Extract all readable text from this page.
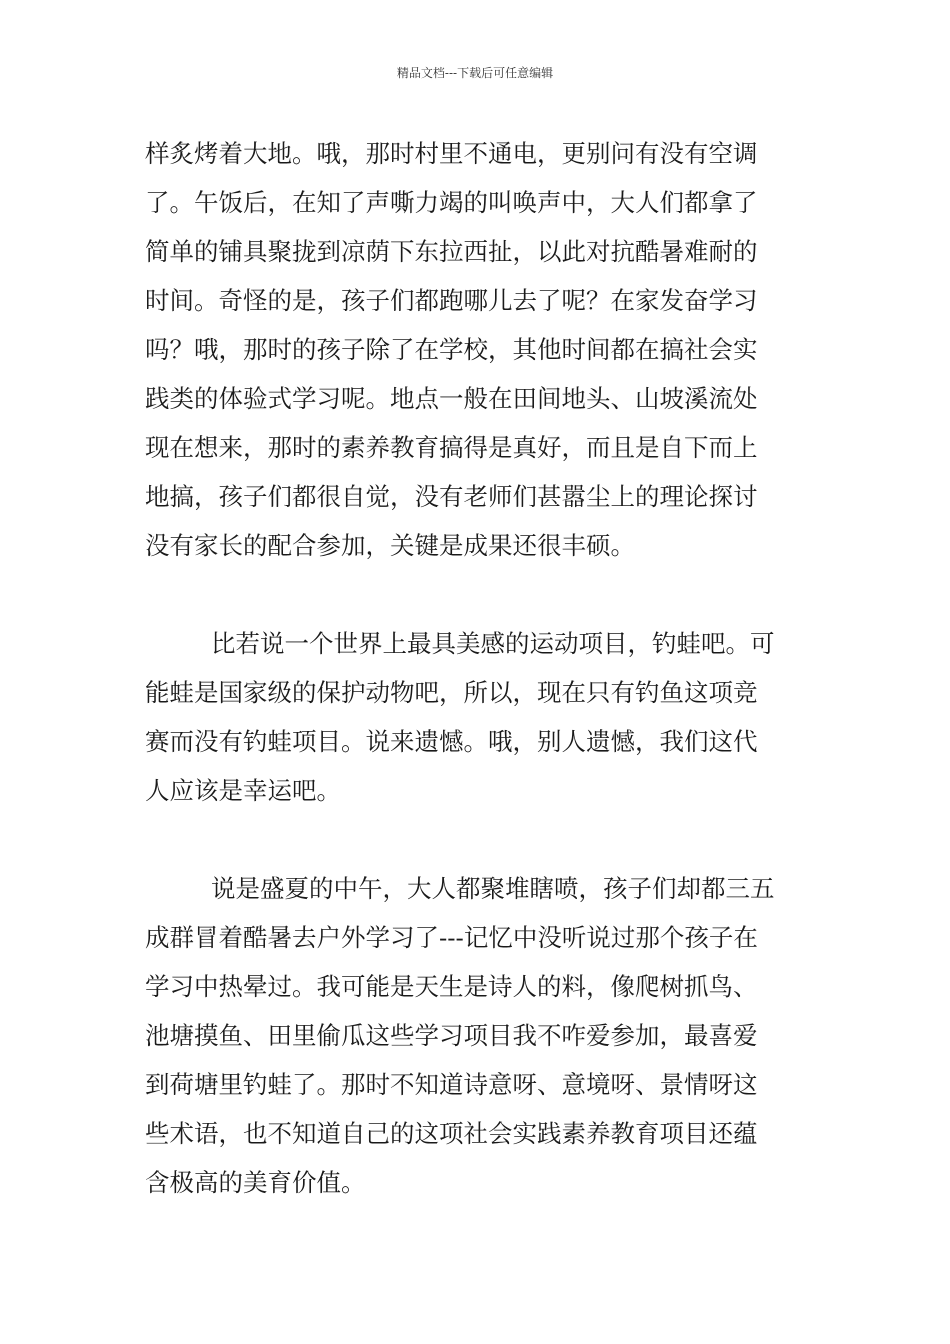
精品文档---下载后可任意编辑
样炙烤着大地。哦，那时村里不通电，更别问有没有空调
了。午饭后，在知了声嘶力竭的叫唤声中，大人们都拿了
简单的铺具聚拢到凉荫下东拉西扯，以此对抗酷暑难耐的
时间。奇怪的是，孩子们都跑哪儿去了呢？在家发奋学习
吗？哦，那时的孩子除了在学校，其他时间都在搞社会实
践类的体验式学习呢。地点一般在田间地头、山坡溪流处
现在想来，那时的素养教育搞得是真好，而且是自下而上
地搞，孩子们都很自觉，没有老师们甚嚣尘上的理论探讨
没有家长的配合参加，关键是成果还很丰硕。
比若说一个世界上最具美感的运动项目，钓蛙吧。可
能蛙是国家级的保护动物吧，所以，现在只有钓鱼这项竞
赛而没有钓蛙项目。说来遗憾。哦，别人遗憾，我们这代
人应该是幸运吧。
说是盛夏的中午，大人都聚堆瞎喷，孩子们却都三五
成群冒着酷暑去户外学习了---记忆中没听说过那个孩子在
学习中热晕过。我可能是天生是诗人的料，像爬树抓鸟、
池塘摸鱼、田里偷瓜这些学习项目我不咋爱参加，最喜爱
到荷塘里钓蛙了。那时不知道诗意呀、意境呀、景情呀这
些术语，也不知道自己的这项社会实践素养教育项目还蕴
含极高的美育价值。
